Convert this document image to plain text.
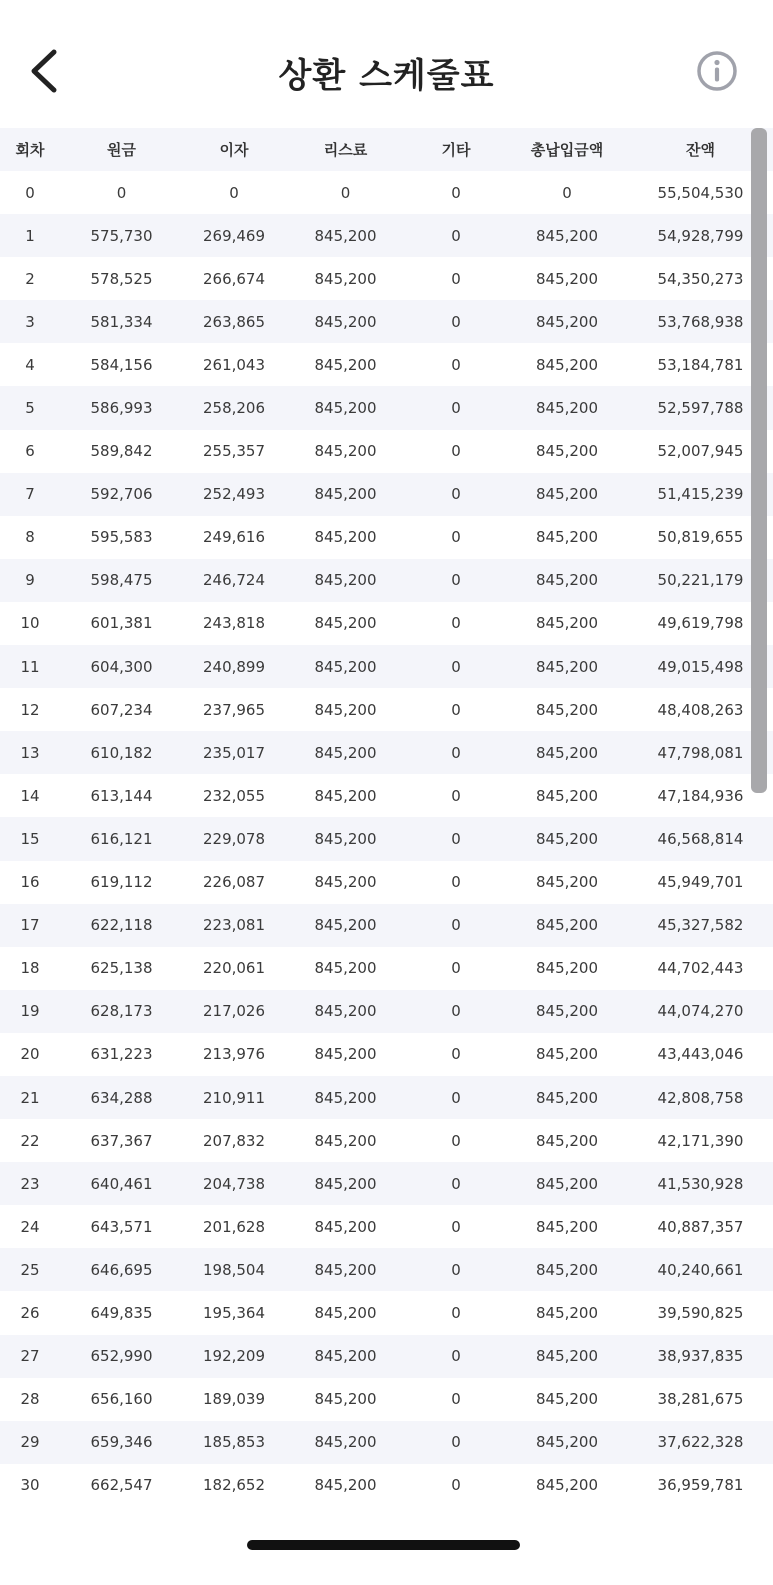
상환 스케줄표
회차	원금	이자	리스료	기타	총납입금액	잔액
0	0	0	0	0	0	55,504,530
1	575,730	269,469	845,200	0	845,200	54,928,799
2	578,525	266,674	845,200	0	845,200	54,350,273
3	581,334	263,865	845,200	0	845,200	53,768,938
4	584,156	261,043	845,200	0	845,200	53,184,781
5	586,993	258,206	845,200	0	845,200	52,597,788
6	589,842	255,357	845,200	0	845,200	52,007,945
7	592,706	252,493	845,200	0	845,200	51,415,239
8	595,583	249,616	845,200	0	845,200	50,819,655
9	598,475	246,724	845,200	0	845,200	50,221,179
10	601,381	243,818	845,200	0	845,200	49,619,798
11	604,300	240,899	845,200	0	845,200	49,015,498
12	607,234	237,965	845,200	0	845,200	48,408,263
13	610,182	235,017	845,200	0	845,200	47,798,081
14	613,144	232,055	845,200	0	845,200	47,184,936
15	616,121	229,078	845,200	0	845,200	46,568,814
16	619,112	226,087	845,200	0	845,200	45,949,701
17	622,118	223,081	845,200	0	845,200	45,327,582
18	625,138	220,061	845,200	0	845,200	44,702,443
19	628,173	217,026	845,200	0	845,200	44,074,270
20	631,223	213,976	845,200	0	845,200	43,443,046
21	634,288	210,911	845,200	0	845,200	42,808,758
22	637,367	207,832	845,200	0	845,200	42,171,390
23	640,461	204,738	845,200	0	845,200	41,530,928
24	643,571	201,628	845,200	0	845,200	40,887,357
25	646,695	198,504	845,200	0	845,200	40,240,661
26	649,835	195,364	845,200	0	845,200	39,590,825
27	652,990	192,209	845,200	0	845,200	38,937,835
28	656,160	189,039	845,200	0	845,200	38,281,675
29	659,346	185,853	845,200	0	845,200	37,622,328
30	662,547	182,652	845,200	0	845,200	36,959,781
